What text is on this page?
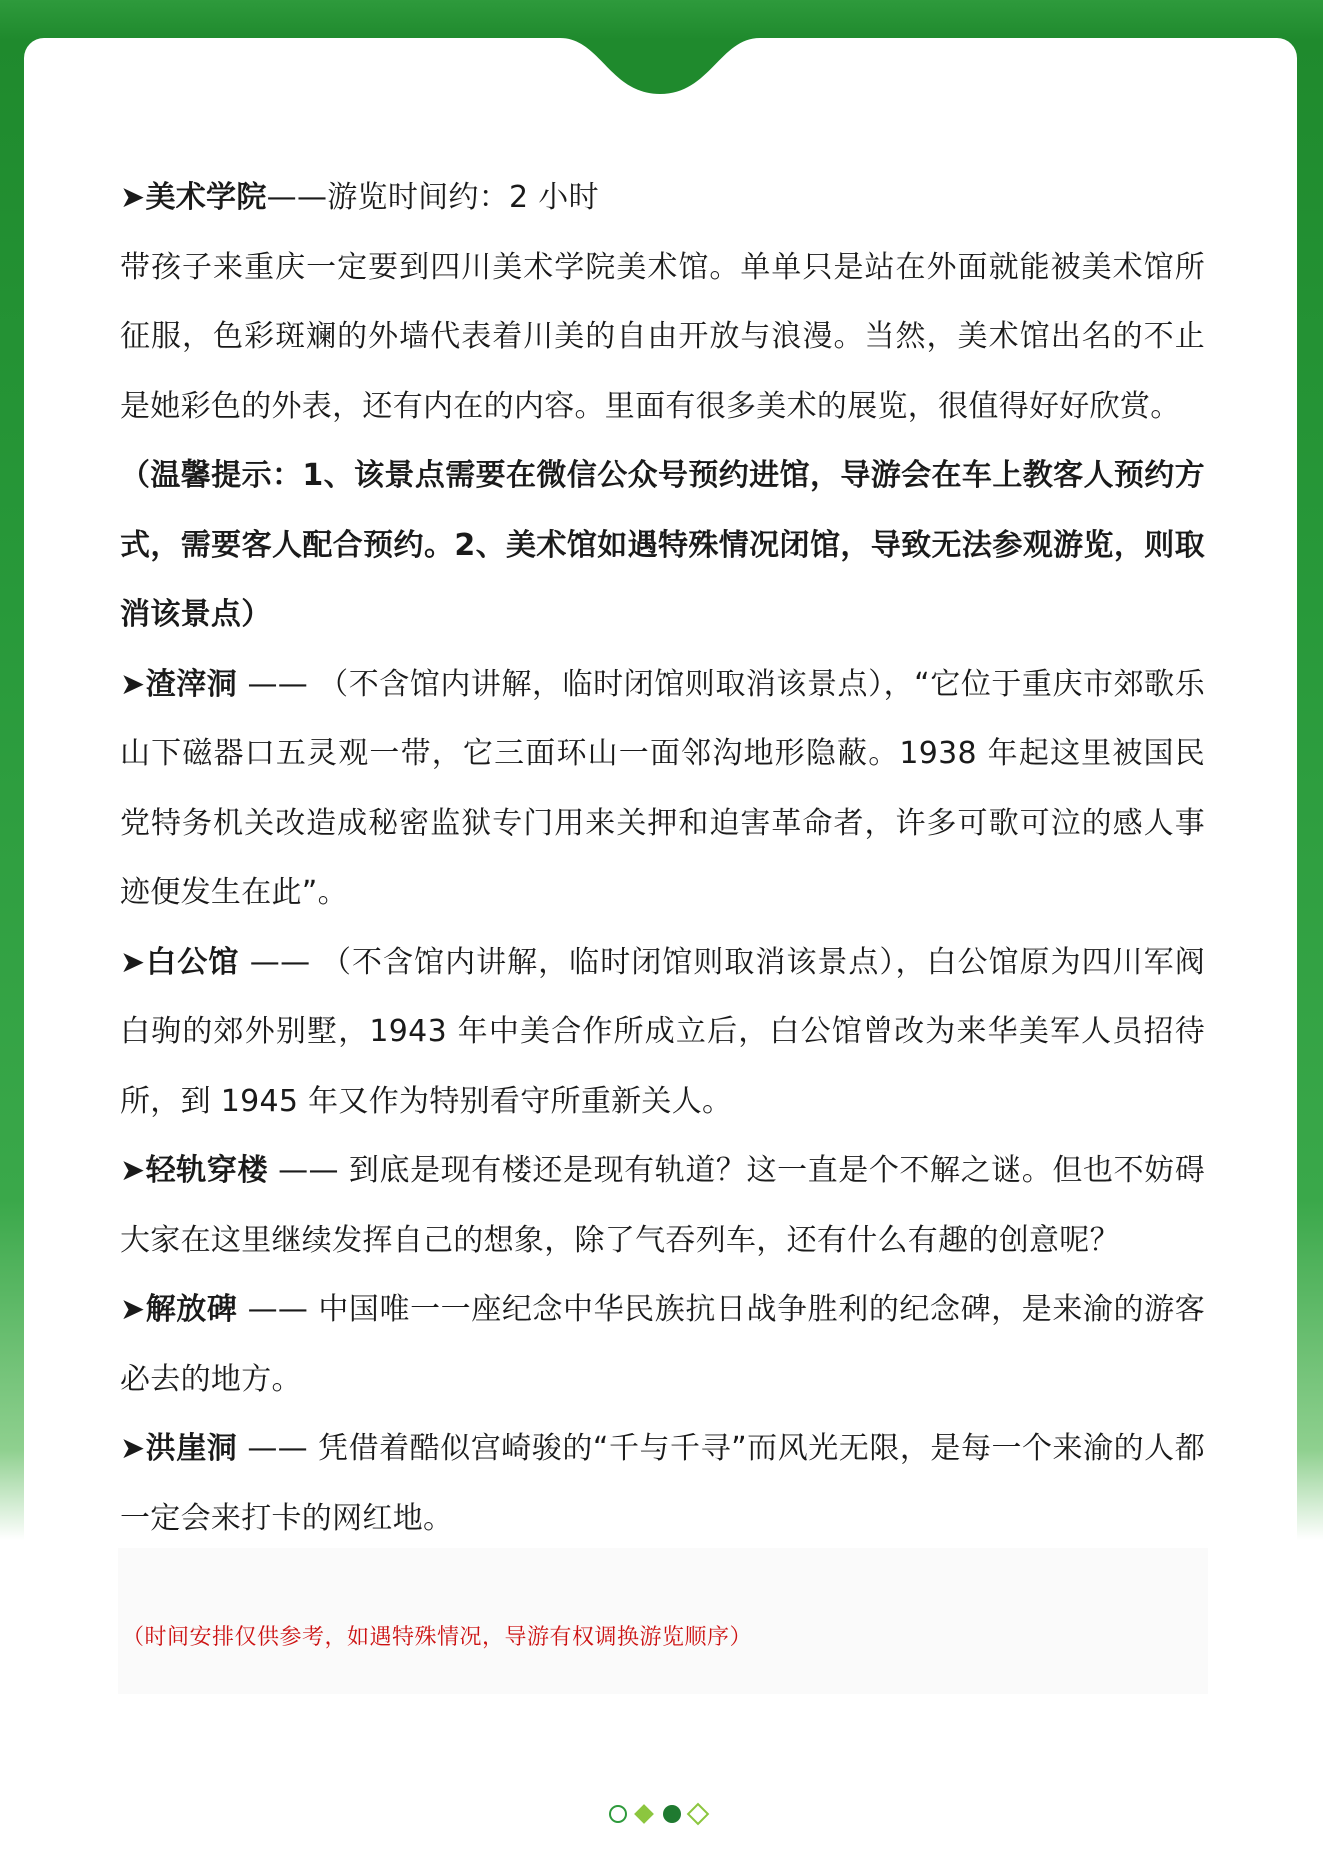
➤美术学院——游览时间约：2 小时

带孩子来重庆一定要到四川美术学院美术馆。单单只是站在外面就能被美术馆所征服，色彩斑斓的外墙代表着川美的自由开放与浪漫。当然，美术馆出名的不止是她彩色的外表，还有内在的内容。里面有很多美术的展览，很值得好好欣赏。

（温馨提示：1、该景点需要在微信公众号预约进馆，导游会在车上教客人预约方式，需要客人配合预约。2、美术馆如遇特殊情况闭馆，导致无法参观游览，则取消该景点）

➤渣滓洞 —— （不含馆内讲解，临时闭馆则取消该景点），“它位于重庆市郊歌乐山下磁器口五灵观一带，它三面环山一面邻沟地形隐蔽。1938 年起这里被国民党特务机关改造成秘密监狱专门用来关押和迫害革命者，许多可歌可泣的感人事迹便发生在此”。

➤白公馆 —— （不含馆内讲解，临时闭馆则取消该景点），白公馆原为四川军阀白驹的郊外别墅，1943 年中美合作所成立后，白公馆曾改为来华美军人员招待所，到 1945 年又作为特别看守所重新关人。

➤轻轨穿楼 —— 到底是现有楼还是现有轨道？这一直是个不解之谜。但也不妨碍大家在这里继续发挥自己的想象，除了气吞列车，还有什么有趣的创意呢？

➤解放碑 —— 中国唯一一座纪念中华民族抗日战争胜利的纪念碑，是来渝的游客必去的地方。

➤洪崖洞 —— 凭借着酷似宫崎骏的“千与千寻”而风光无限，是每一个来渝的人都一定会来打卡的网红地。

（时间安排仅供参考，如遇特殊情况，导游有权调换游览顺序）
